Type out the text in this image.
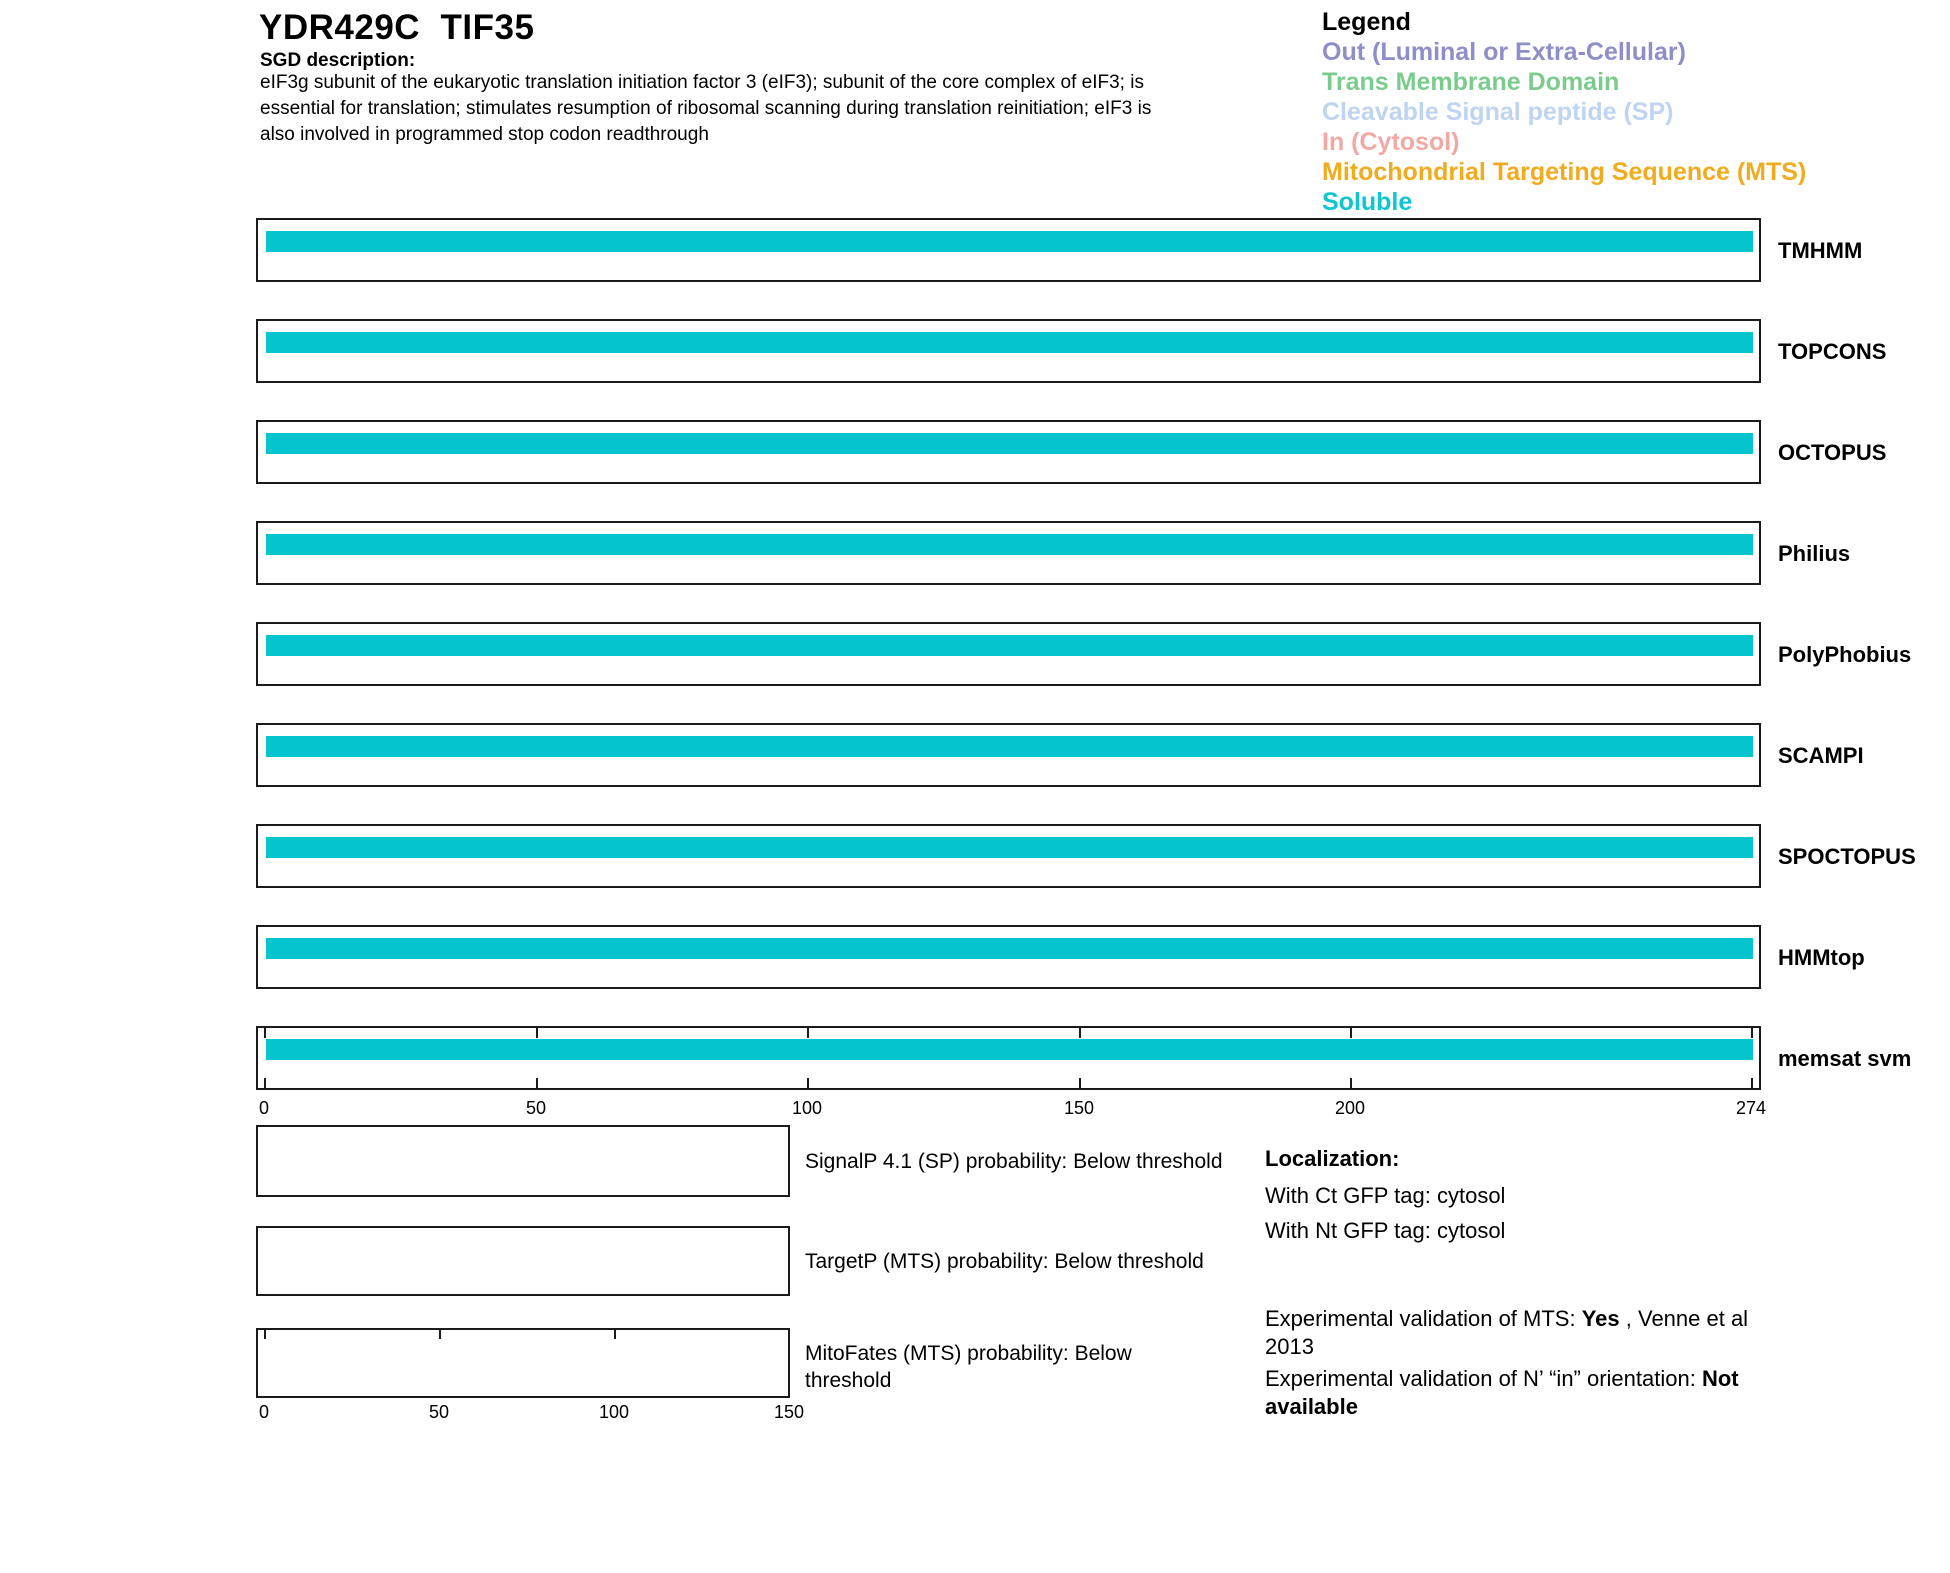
YDR429C  TIF35
SGD description:
eIF3g subunit of the eukaryotic translation initiation factor 3 (eIF3); subunit of the core complex of eIF3; is
essential for translation; stimulates resumption of ribosomal scanning during translation reinitiation; eIF3 is
also involved in programmed stop codon readthrough
Legend
Out (Luminal or Extra-Cellular)
Trans Membrane Domain
Cleavable Signal peptide (SP)
In (Cytosol)
Mitochondrial Targeting Sequence (MTS)
Soluble
TMHMM
TOPCONS
OCTOPUS
Philius
PolyPhobius
SCAMPI
SPOCTOPUS
HMMtop
memsat svm
0	50	100	150	200	274
SignalP 4.1 (SP) probability: Below threshold
TargetP (MTS) probability: Below threshold
MitoFates (MTS) probability: Below threshold
0	50	100	150
Localization:
With Ct GFP tag: cytosol
With Nt GFP tag: cytosol
Experimental validation of MTS: Yes , Venne et al 2013
Experimental validation of N’ “in” orientation: Not available
